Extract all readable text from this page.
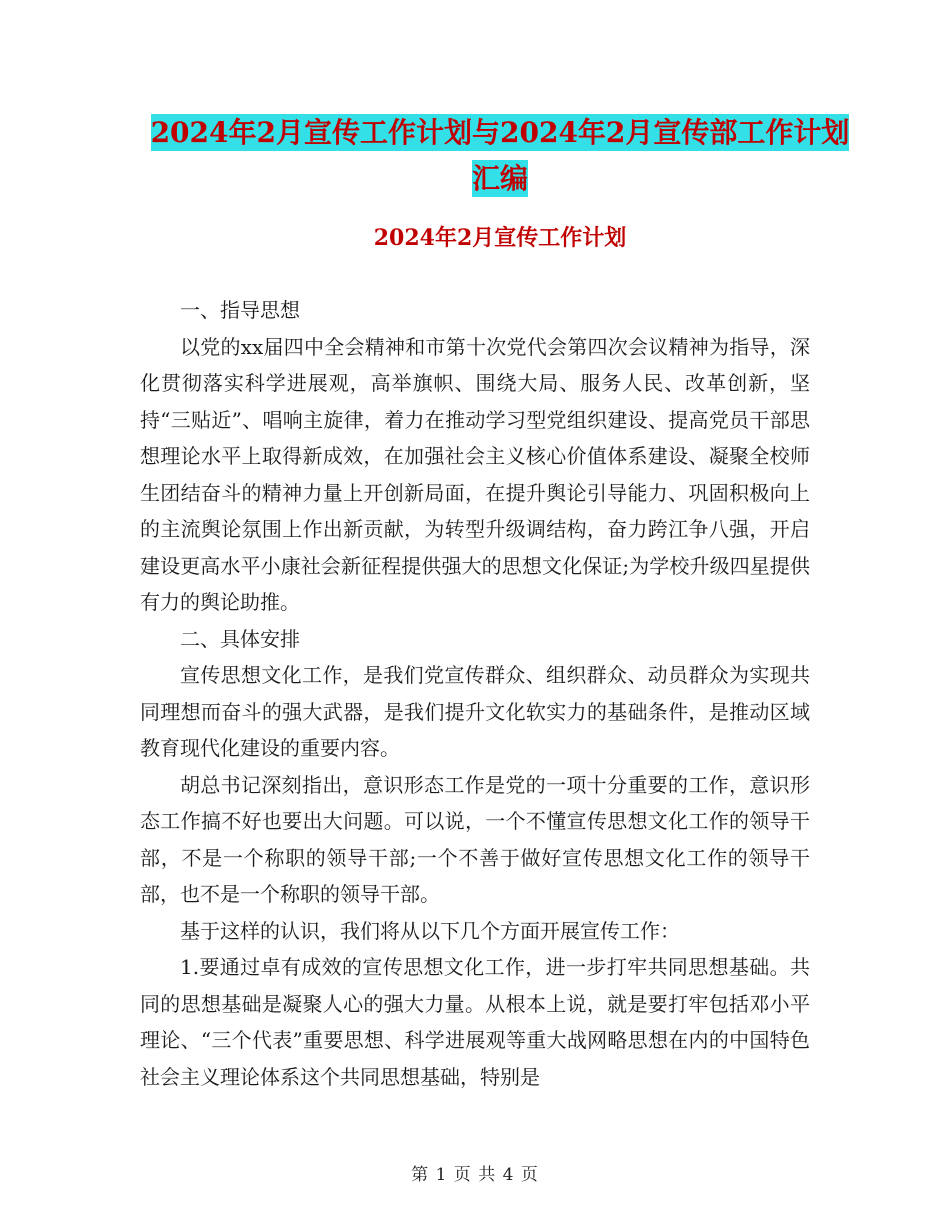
2024年2月宣传工作计划与2024年2月宣传部工作计划汇编
2024年2月宣传工作计划

一、指导思想

以党的xx届四中全会精神和市第十次党代会第四次会议精神为指导，深化贯彻落实科学进展观，高举旗帜、围绕大局、服务人民、改革创新，坚持“三贴近”、唱响主旋律，着力在推动学习型党组织建设、提高党员干部思想理论水平上取得新成效，在加强社会主义核心价值体系建设、凝聚全校师生团结奋斗的精神力量上开创新局面，在提升舆论引导能力、巩固积极向上的主流舆论氛围上作出新贡献，为转型升级调结构，奋力跨江争八强，开启建设更高水平小康社会新征程提供强大的思想文化保证;为学校升级四星提供有力的舆论助推。

二、具体安排

宣传思想文化工作，是我们党宣传群众、组织群众、动员群众为实现共同理想而奋斗的强大武器，是我们提升文化软实力的基础条件，是推动区域教育现代化建设的重要内容。

胡总书记深刻指出，意识形态工作是党的一项十分重要的工作，意识形态工作搞不好也要出大问题。可以说，一个不懂宣传思想文化工作的领导干部，不是一个称职的领导干部;一个不善于做好宣传思想文化工作的领导干部，也不是一个称职的领导干部。

基于这样的认识，我们将从以下几个方面开展宣传工作：

1.要通过卓有成效的宣传思想文化工作，进一步打牢共同思想基础。共同的思想基础是凝聚人心的强大力量。从根本上说，就是要打牢包括邓小平理论、“三个代表”重要思想、科学进展观等重大战网略思想在内的中国特色社会主义理论体系这个共同思想基础，特别是

第 1 页 共 4 页
